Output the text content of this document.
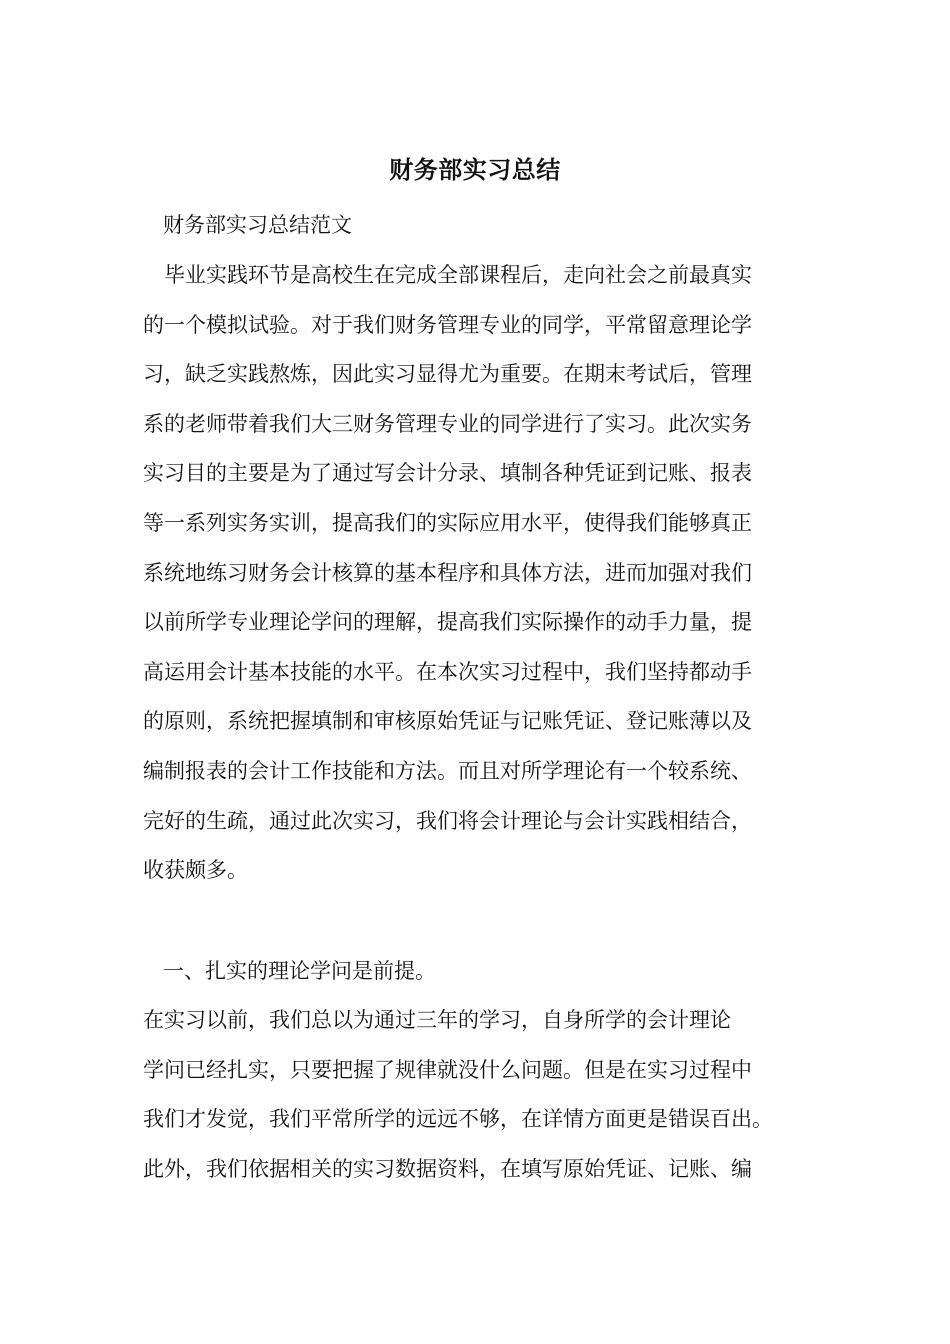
财务部实习总结
财务部实习总结范文
　毕业实践环节是高校生在完成全部课程后，走向社会之前最真实
的一个模拟试验。对于我们财务管理专业的同学，平常留意理论学
习，缺乏实践熬炼，因此实习显得尤为重要。在期末考试后，管理
系的老师带着我们大三财务管理专业的同学进行了实习。此次实务
实习目的主要是为了通过写会计分录、填制各种凭证到记账、报表
等一系列实务实训，提高我们的实际应用水平，使得我们能够真正
系统地练习财务会计核算的基本程序和具体方法，进而加强对我们
以前所学专业理论学问的理解，提高我们实际操作的动手力量，提
高运用会计基本技能的水平。在本次实习过程中，我们坚持都动手
的原则，系统把握填制和审核原始凭证与记账凭证、登记账薄以及
编制报表的会计工作技能和方法。而且对所学理论有一个较系统、
完好的生疏，通过此次实习，我们将会计理论与会计实践相结合，
收获颇多。
一、扎实的理论学问是前提。
在实习以前，我们总以为通过三年的学习，自身所学的会计理论
学问已经扎实，只要把握了规律就没什么问题。但是在实习过程中
我们才发觉，我们平常所学的远远不够，在详情方面更是错误百出。
此外，我们依据相关的实习数据资料，在填写原始凭证、记账、编
